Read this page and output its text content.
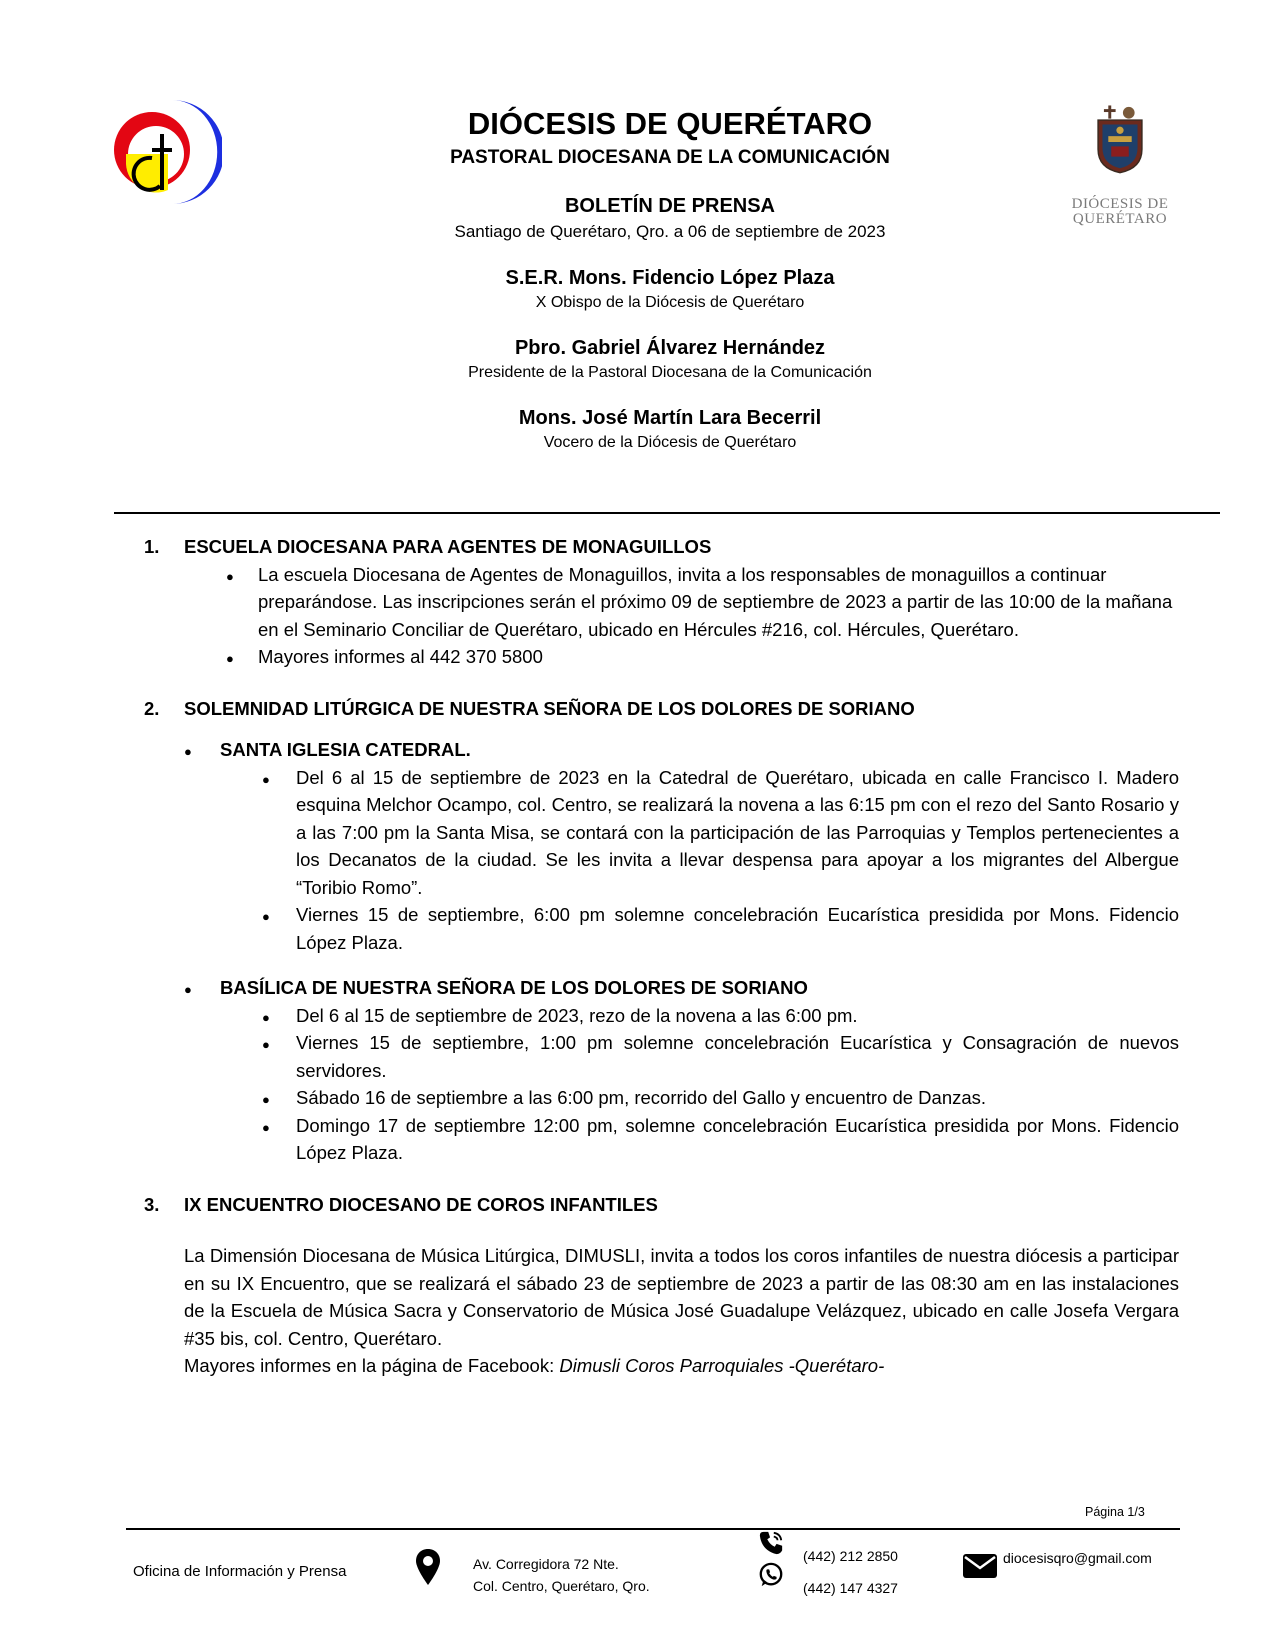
DIÓCESIS DE
QUERÉTARO
DIÓCESIS DE QUERÉTARO
PASTORAL DIOCESANA DE LA COMUNICACIÓN
BOLETÍN DE PRENSA
Santiago de Querétaro, Qro. a 06 de septiembre de 2023
S.E.R. Mons. Fidencio López Plaza
X Obispo de la Diócesis de Querétaro
Pbro. Gabriel Álvarez Hernández
Presidente de la Pastoral Diocesana de la Comunicación
Mons. José Martín Lara Becerril
Vocero de la Diócesis de Querétaro
1.	ESCUELA DIOCESANA PARA AGENTES DE MONAGUILLOS
●
La escuela Diocesana de Agentes de Monaguillos, invita a los responsables de monaguillos a continuar preparándose. Las inscripciones serán el próximo 09 de septiembre de 2023 a partir de las 10:00 de la mañana en el Seminario Conciliar de Querétaro, ubicado en Hércules #216, col. Hércules, Querétaro.
●
Mayores informes al 442 370 5800
2.	SOLEMNIDAD LITÚRGICA DE NUESTRA SEÑORA DE LOS DOLORES DE SORIANO
●
SANTA IGLESIA CATEDRAL.
●
Del 6 al 15 de septiembre de 2023 en la Catedral de Querétaro, ubicada en calle Francisco I. Madero esquina Melchor Ocampo, col. Centro, se realizará la novena a las 6:15 pm con el rezo del Santo Rosario y a las 7:00 pm la Santa Misa, se contará con la participación de las Parroquias y Templos pertenecientes a los Decanatos de la ciudad. Se les invita a llevar despensa para apoyar a los migrantes del Albergue “Toribio Romo”.
●
Viernes 15 de septiembre, 6:00 pm solemne concelebración Eucarística presidida por Mons. Fidencio López Plaza.
●
BASÍLICA DE NUESTRA SEÑORA DE LOS DOLORES DE SORIANO
●
Del 6 al 15 de septiembre de 2023, rezo de la novena a las 6:00 pm.
●
Viernes 15 de septiembre, 1:00 pm solemne concelebración Eucarística y Consagración de nuevos servidores.
●
Sábado 16 de septiembre a las 6:00 pm, recorrido del Gallo y encuentro de Danzas.
●
Domingo 17 de septiembre 12:00 pm, solemne concelebración Eucarística presidida por Mons. Fidencio López Plaza.
3.	IX ENCUENTRO DIOCESANO DE COROS INFANTILES
La Dimensión Diocesana de Música Litúrgica, DIMUSLI, invita a todos los coros infantiles de nuestra diócesis a participar en su IX Encuentro, que se realizará el sábado 23 de septiembre de 2023 a partir de las 08:30 am en las instalaciones de la Escuela de Música Sacra y Conservatorio de Música José Guadalupe Velázquez, ubicado en calle Josefa Vergara #35 bis, col. Centro, Querétaro.
Mayores informes en la página de Facebook: Dimusli Coros Parroquiales -Querétaro-
Página 1/3
Oficina de Información y Prensa	Av. Corregidora 72 Nte.
Col. Centro, Querétaro, Qro.
(442) 212 2850
(442) 147 4327
diocesisqro@gmail.com
